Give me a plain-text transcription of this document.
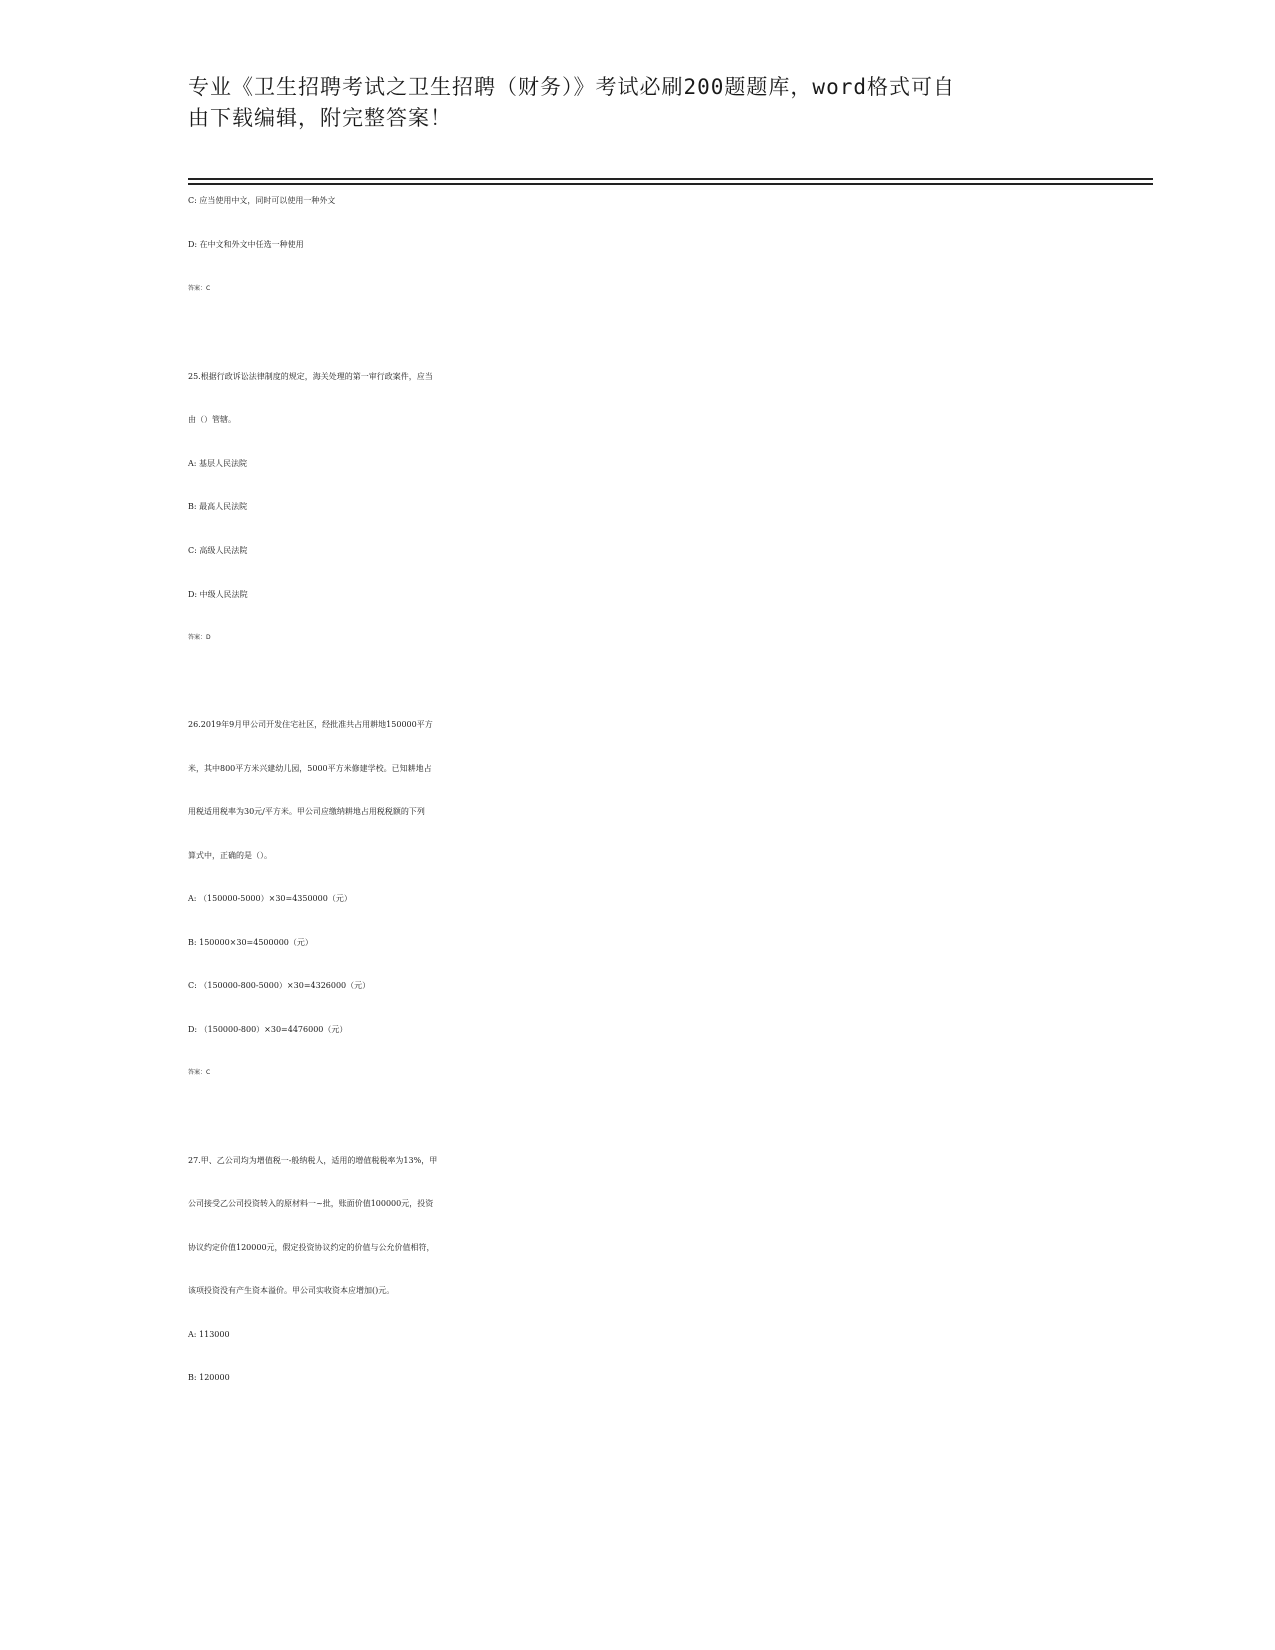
专业《卫生招聘考试之卫生招聘（财务）》考试必刷200题题库，word格式可自
由下载编辑，附完整答案！
C: 应当使用中文，同时可以使用一种外文
D: 在中文和外文中任选一种使用
答案：C
25.根据行政诉讼法律制度的规定，海关处理的第一审行政案件，应当
由（）管辖。
A: 基层人民法院
B: 最高人民法院
C: 高级人民法院
D: 中级人民法院
答案：D
26.2019年9月甲公司开发住宅社区，经批准共占用耕地150000平方
米，其中800平方米兴建幼儿园，5000平方米修建学校。已知耕地占
用税适用税率为30元/平方米。甲公司应缴纳耕地占用税税额的下列
算式中，正确的是（）。
A: （150000-5000）×30=4350000（元）
B: 150000×30=4500000（元）
C: （150000-800-5000）×30=4326000（元）
D: （150000-800）×30=4476000（元）
答案：C
27.甲、乙公司均为增值税一-般纳税人，适用的增值税税率为13%，甲
公司接受乙公司投资转入的原材料一~批，账面价值100000元，投资
协议约定价值120000元，假定投资协议约定的价值与公允价值相符，
该项投资没有产生资本溢价。甲公司实收资本应增加()元。
A: 113000
B: 120000
